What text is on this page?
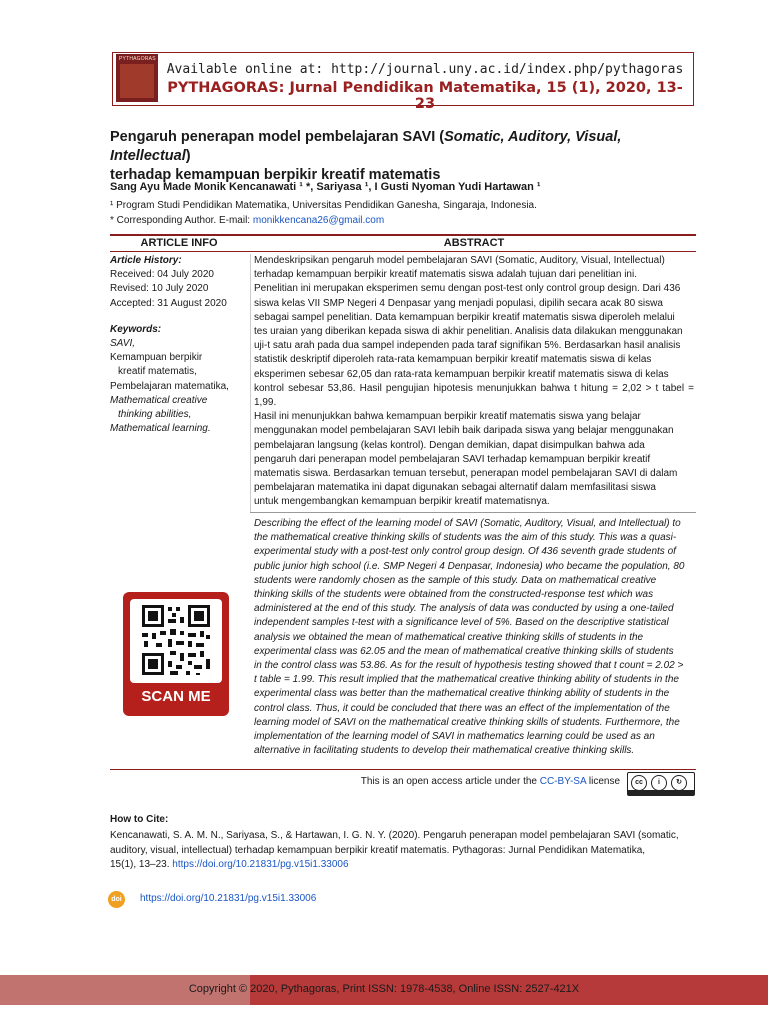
PYTHAGORAS
Available online at: http://journal.uny.ac.id/index.php/pythagoras
PYTHAGORAS: Jurnal Pendidikan Matematika, 15 (1), 2020, 13-23
Pengaruh penerapan model pembelajaran SAVI (Somatic, Auditory, Visual, Intellectual)
terhadap kemampuan berpikir kreatif matematis
Sang Ayu Made Monik Kencanawati ¹ *, Sariyasa ¹, I Gusti Nyoman Yudi Hartawan ¹
¹ Program Studi Pendidikan Matematika, Universitas Pendidikan Ganesha, Singaraja, Indonesia.
* Corresponding Author. E-mail: monikkencana26@gmail.com
ARTICLE INFO	ABSTRACT
Article History:
Received: 04 July 2020
Revised: 10 July 2020
Accepted: 31 August 2020
Keywords:
SAVI,
Kemampuan berpikir
kreatif matematis,
Pembelajaran matematika,
Mathematical creative
thinking abilities,
Mathematical learning.
Mendeskripsikan pengaruh model pembelajaran SAVI (Somatic, Auditory, Visual, Intellectual)
terhadap kemampuan berpikir kreatif matematis siswa adalah tujuan dari penelitian ini.
Penelitian ini merupakan eksperimen semu dengan post-test only control group design. Dari 436
siswa kelas VII SMP Negeri 4 Denpasar yang menjadi populasi, dipilih secara acak 80 siswa
sebagai sampel penelitian. Data kemampuan berpikir kreatif matematis siswa diperoleh melalui
tes uraian yang diberikan kepada siswa di akhir penelitian. Analisis data dilakukan menggunakan
uji-t satu arah pada dua sampel independen pada taraf signifikan 5%. Berdasarkan hasil analisis
statistik deskriptif diperoleh rata-rata kemampuan berpikir kreatif matematis siswa di kelas
eksperimen sebesar 62,05 dan rata-rata kemampuan berpikir kreatif matematis siswa di kelas
kontrol sebesar 53,86. Hasil pengujian hipotesis menunjukkan bahwa t hitung = 2,02 > t tabel = 1,99.
Hasil ini menunjukkan bahwa kemampuan berpikir kreatif matematis siswa yang belajar
menggunakan model pembelajaran SAVI lebih baik daripada siswa yang belajar menggunakan
pembelajaran langsung (kelas kontrol). Dengan demikian, dapat disimpulkan bahwa ada
pengaruh dari penerapan model pembelajaran SAVI terhadap kemampuan berpikir kreatif
matematis siswa. Berdasarkan temuan tersebut, penerapan model pembelajaran SAVI di dalam
pembelajaran matematika ini dapat digunakan sebagai alternatif dalam memfasilitasi siswa
untuk mengembangkan kemampuan berpikir kreatif matematisnya.
Describing the effect of the learning model of SAVI (Somatic, Auditory, Visual, and Intellectual) to
the mathematical creative thinking skills of students was the aim of this study. This was a quasi-
experimental study with a post-test only control group design. Of 436 seventh grade students of
public junior high school (i.e. SMP Negeri 4 Denpasar, Indonesia) who became the population, 80
students were randomly chosen as the sample of this study. Data on mathematical creative
thinking skills of the students were obtained from the constructed-response test which was
administered at the end of this study. The analysis of data was conducted by using a one-tailed
independent samples t-test with a significance level of 5%. Based on the descriptive statistical
analysis we obtained the mean of mathematical creative thinking skills of students in the
experimental class was 62.05 and the mean of mathematical creative thinking skills of students
in the control class was 53.86. As for the result of hypothesis testing showed that t count = 2.02 >
t table = 1.99. This result implied that the mathematical creative thinking ability of students in the
experimental class was better than the mathematical creative thinking ability of students in the
control class. Thus, it could be concluded that there was an effect of the implementation of the
learning model of SAVI on the mathematical creative thinking skills of students. Furthermore, the
implementation of the learning model of SAVI in mathematics learning could be used as an
alternative in facilitating students to develop their mathematical creative thinking skills.
SCAN ME
This is an open access article under the CC-BY-SA license	cc	i	↻
How to Cite:
Kencanawati, S. A. M. N., Sariyasa, S., & Hartawan, I. G. N. Y. (2020). Pengaruh penerapan model pembelajaran SAVI (somatic,
auditory, visual, intellectual) terhadap kemampuan berpikir kreatif matematis. Pythagoras: Jurnal Pendidikan Matematika,
15(1), 13–23. https://doi.org/10.21831/pg.v15i1.33006
doi	https://doi.org/10.21831/pg.v15i1.33006
Copyright © 2020, Pythagoras, Print ISSN: 1978-4538, Online ISSN: 2527-421X
